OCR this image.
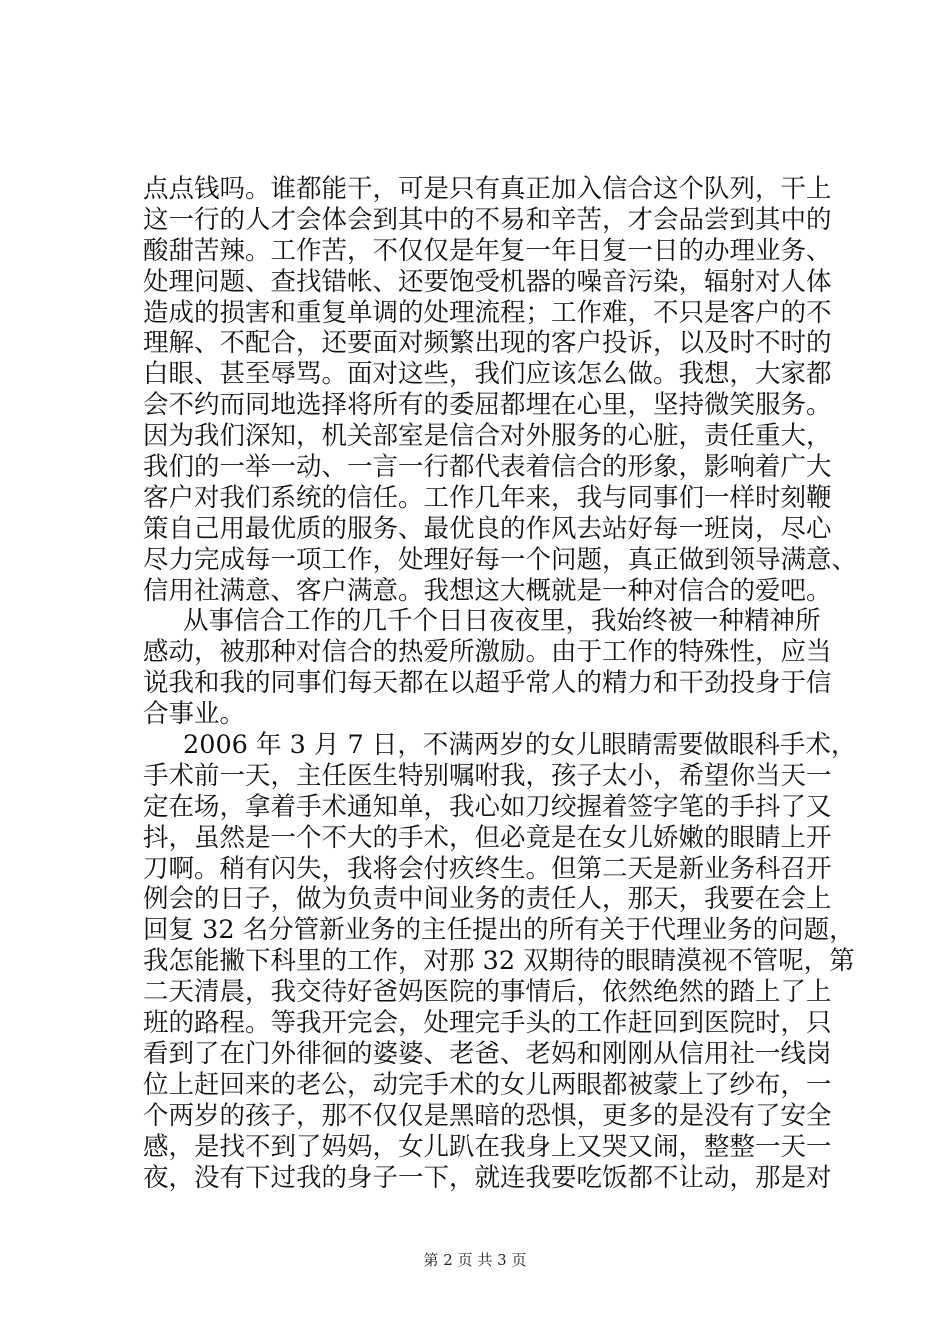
点点钱吗。谁都能干，可是只有真正加入信合这个队列，干上
这一行的人才会体会到其中的不易和辛苦，才会品尝到其中的
酸甜苦辣。工作苦，不仅仅是年复一年日复一日的办理业务、
处理问题、查找错帐、还要饱受机器的噪音污染，辐射对人体
造成的损害和重复单调的处理流程；工作难，不只是客户的不
理解、不配合，还要面对频繁出现的客户投诉，以及时不时的
白眼、甚至辱骂。面对这些，我们应该怎么做。我想，大家都
会不约而同地选择将所有的委屈都埋在心里，坚持微笑服务。
因为我们深知，机关部室是信合对外服务的心脏，责任重大，
我们的一举一动、一言一行都代表着信合的形象，影响着广大
客户对我们系统的信任。工作几年来，我与同事们一样时刻鞭
策自己用最优质的服务、最优良的作风去站好每一班岗，尽心
尽力完成每一项工作，处理好每一个问题，真正做到领导满意、
信用社满意、客户满意。我想这大概就是一种对信合的爱吧。
从事信合工作的几千个日日夜夜里，我始终被一种精神所
感动，被那种对信合的热爱所激励。由于工作的特殊性，应当
说我和我的同事们每天都在以超乎常人的精力和干劲投身于信
合事业。
2006 年 3 月 7 日，不满两岁的女儿眼睛需要做眼科手术，
手术前一天，主任医生特别嘱咐我，孩子太小，希望你当天一
定在场，拿着手术通知单，我心如刀绞握着签字笔的手抖了又
抖，虽然是一个不大的手术，但必竟是在女儿娇嫩的眼睛上开
刀啊。稍有闪失，我将会付疚终生。但第二天是新业务科召开
例会的日子，做为负责中间业务的责任人，那天，我要在会上
回复 32 名分管新业务的主任提出的所有关于代理业务的问题，
我怎能撇下科里的工作，对那 32 双期待的眼睛漠视不管呢，第
二天清晨，我交待好爸妈医院的事情后，依然绝然的踏上了上
班的路程。等我开完会，处理完手头的工作赶回到医院时，只
看到了在门外徘徊的婆婆、老爸、老妈和刚刚从信用社一线岗
位上赶回来的老公，动完手术的女儿两眼都被蒙上了纱布，一
个两岁的孩子，那不仅仅是黑暗的恐惧，更多的是没有了安全
感，是找不到了妈妈，女儿趴在我身上又哭又闹，整整一天一
夜，没有下过我的身子一下，就连我要吃饭都不让动，那是对
第 2 页 共 3 页
